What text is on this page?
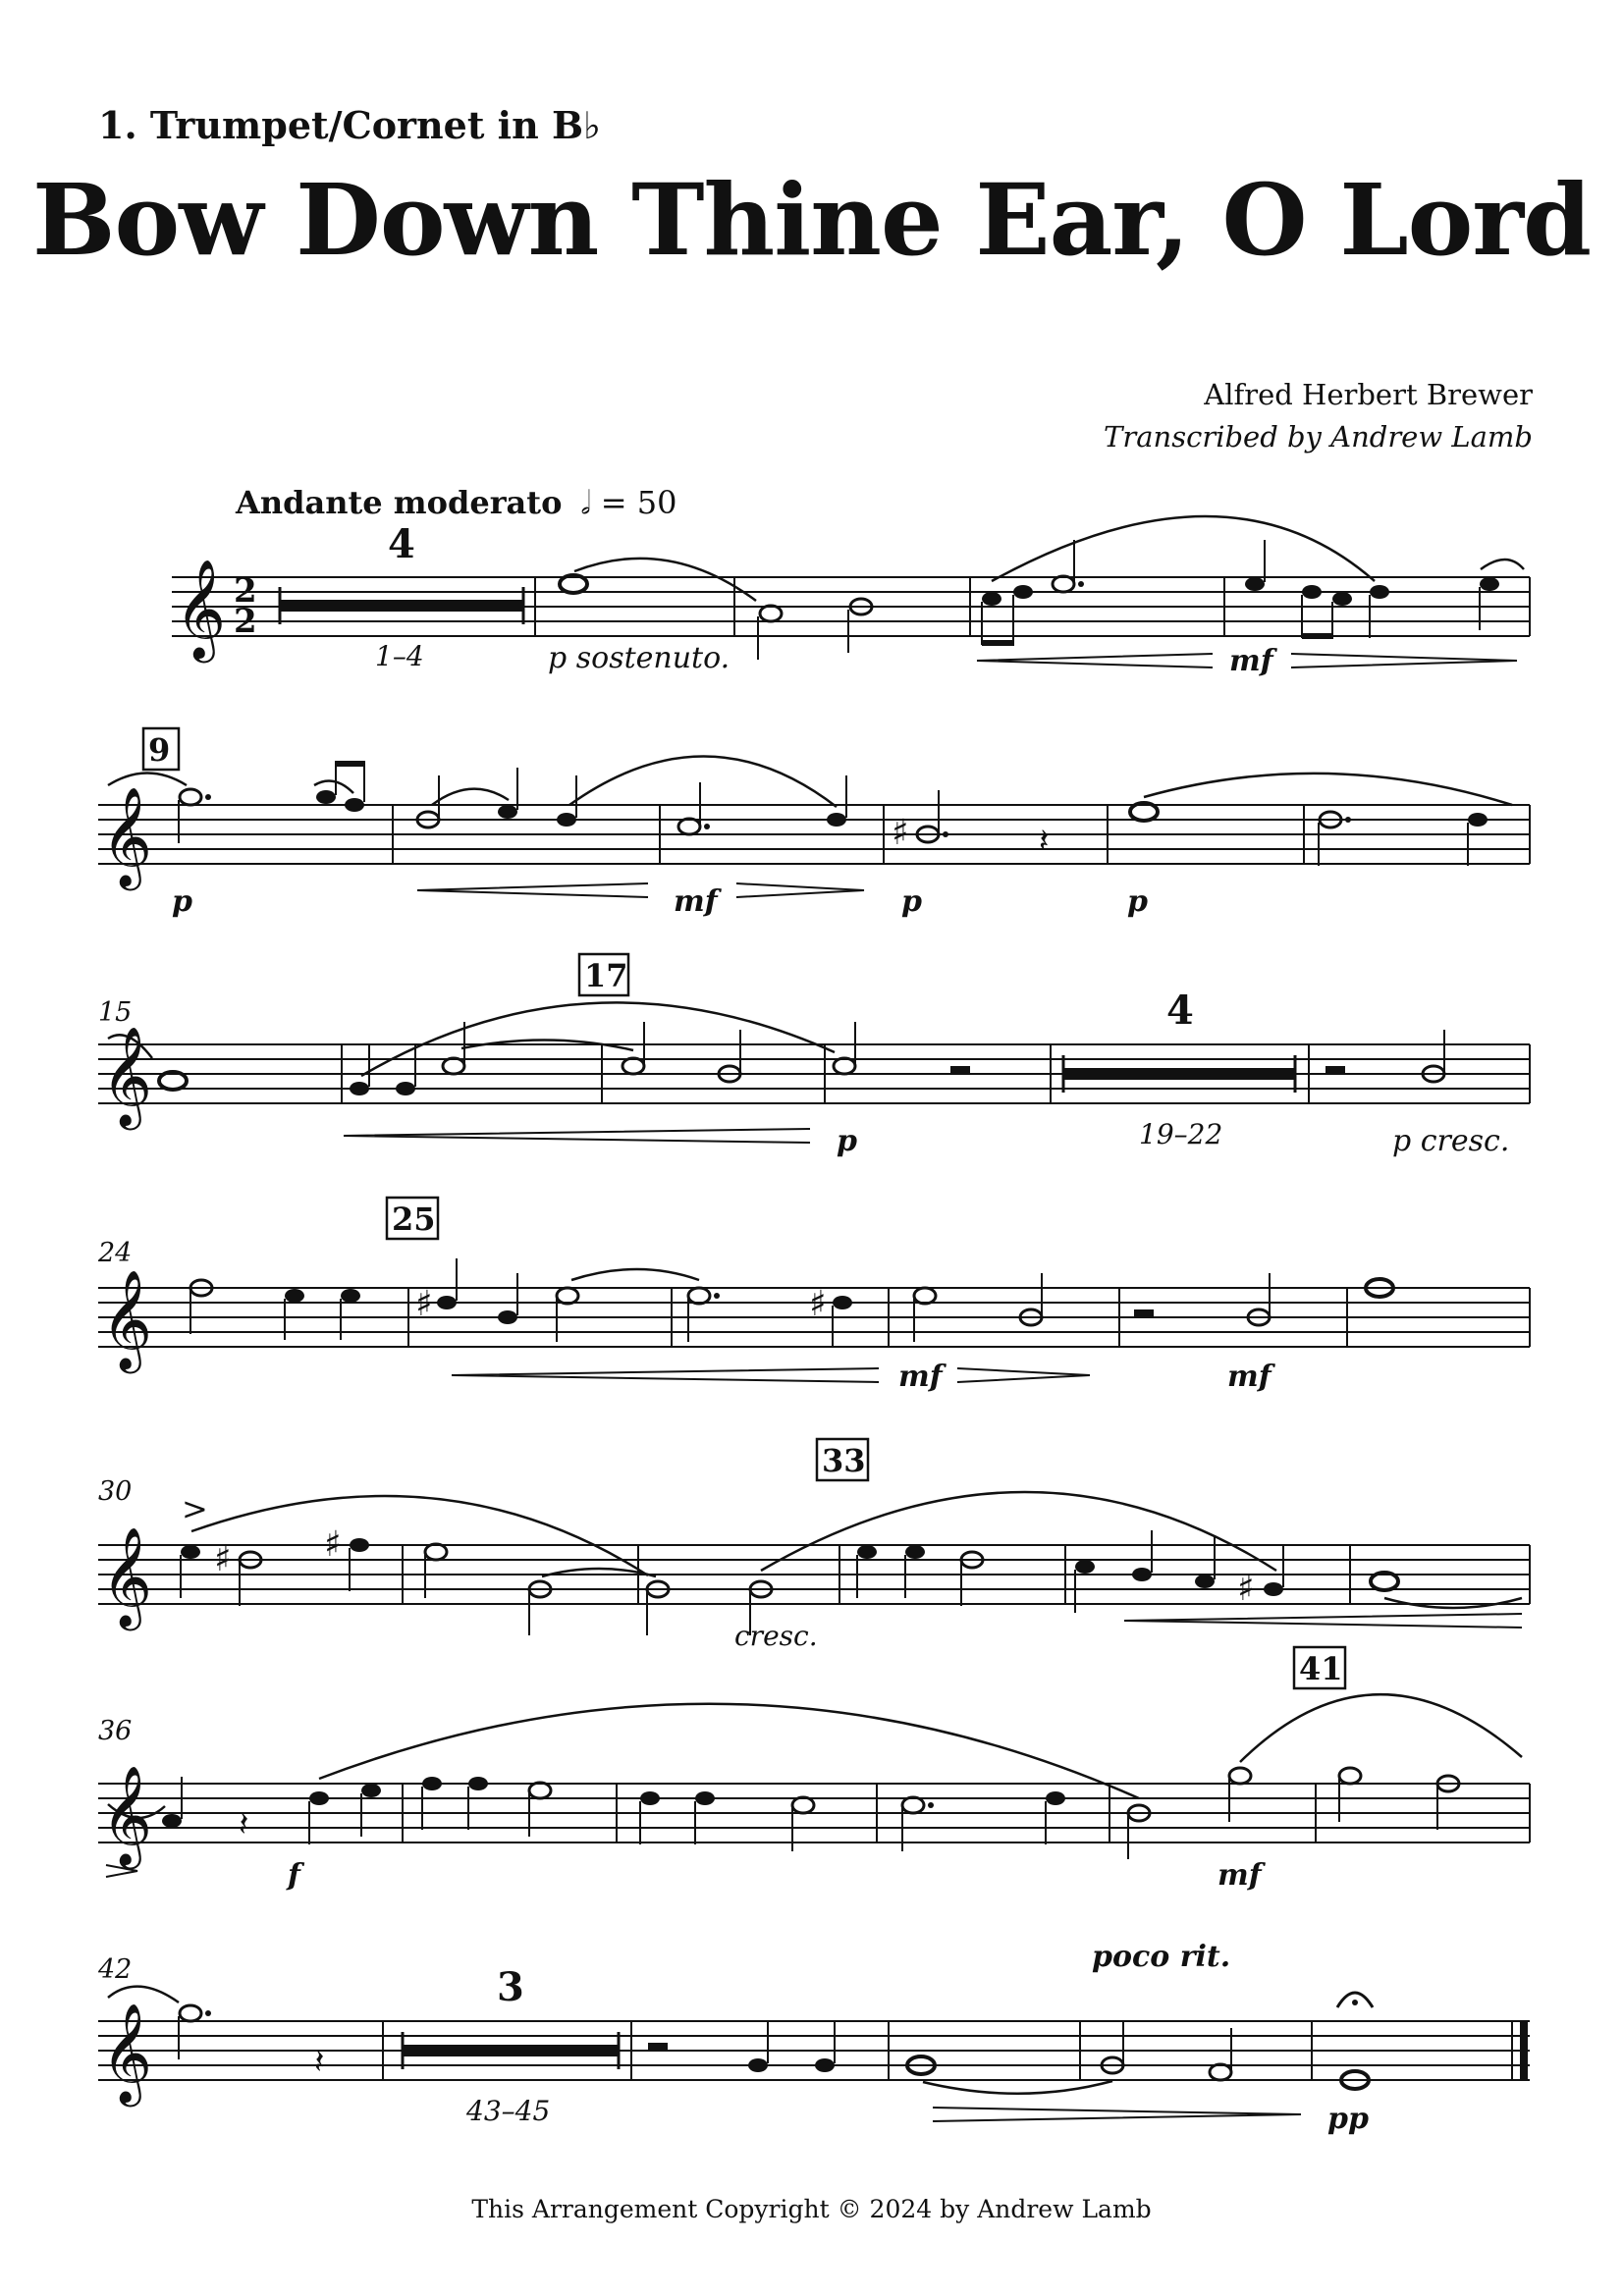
1. Trumpet/Cornet in B♭
Bow Down Thine Ear, O Lord
Alfred Herbert Brewer
Transcribed by Andrew Lamb
Andante moderato 𝅗𝅥 = 50
𝄞 2
2
4
1–4	p sostenuto.	mf
𝄞
9
♯	𝄽
p	mf	p	p
𝄞
15
17
4
19–22
p	p cresc.
𝄞
24
25
♯	♯
mf	mf
𝄞
30
33
>
♯	♯
♯
cresc.
𝄞
36
41
𝄽
f	mf
𝄞
42
𝄽
3
43–45
poco rit.
pp
This Arrangement Copyright © 2024 by Andrew Lamb
